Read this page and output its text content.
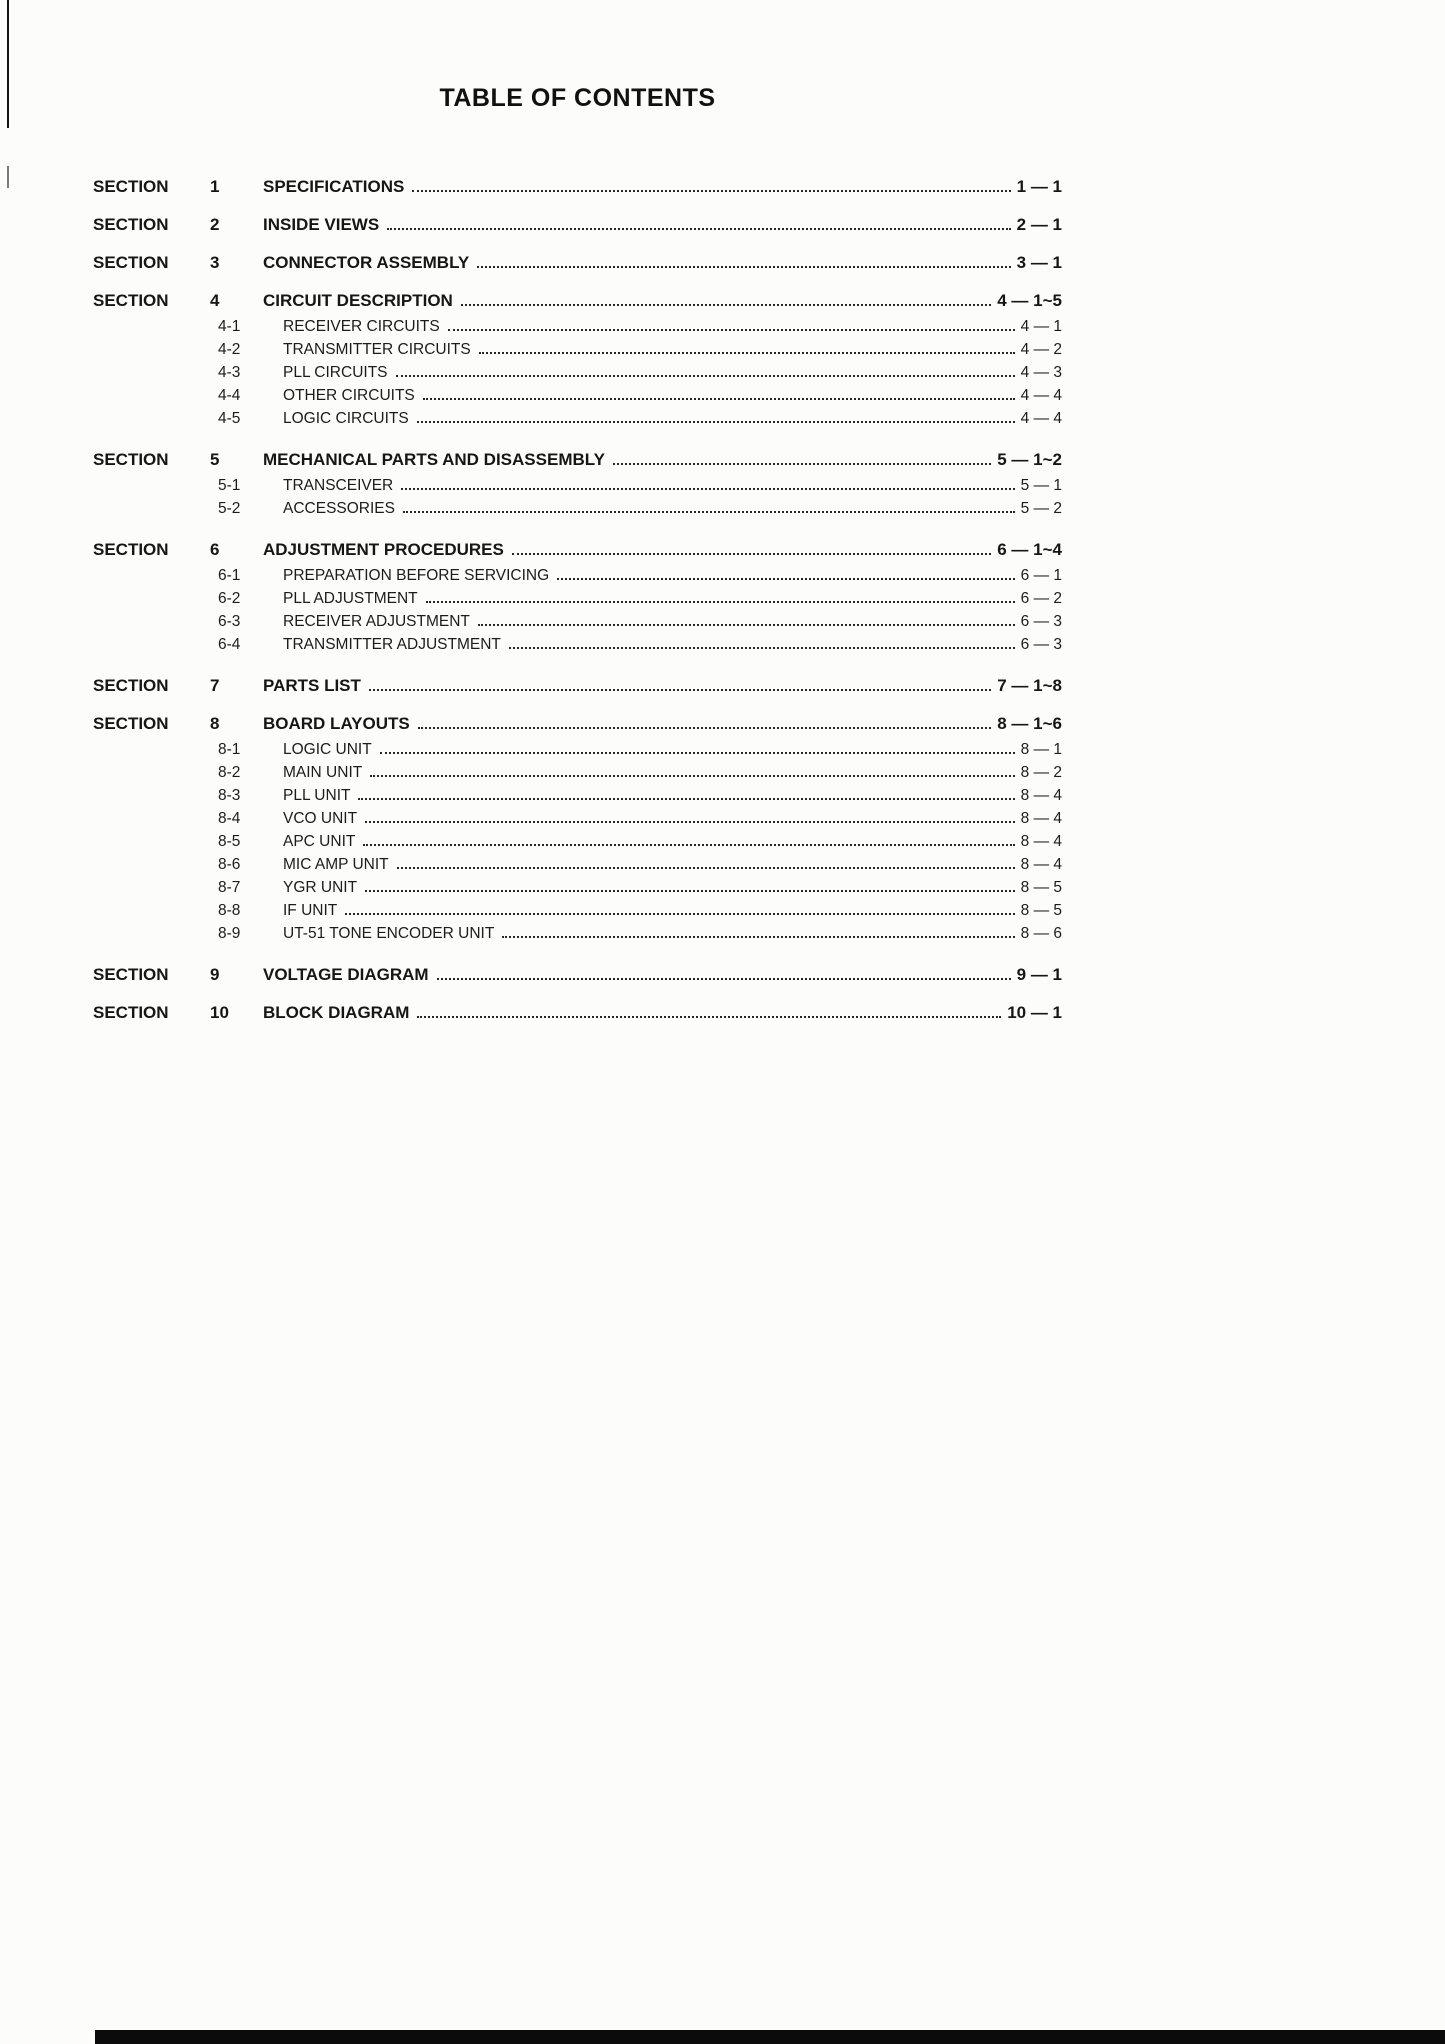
TABLE OF CONTENTS
SECTION	1	SPECIFICATIONS	1 — 1
SECTION	2	INSIDE VIEWS	2 — 1
SECTION	3	CONNECTOR ASSEMBLY	3 — 1
SECTION	4	CIRCUIT DESCRIPTION	4 — 1~5
4-1	RECEIVER CIRCUITS	4 — 1
4-2	TRANSMITTER CIRCUITS	4 — 2
4-3	PLL CIRCUITS	4 — 3
4-4	OTHER CIRCUITS	4 — 4
4-5	LOGIC CIRCUITS	4 — 4
SECTION	5	MECHANICAL PARTS AND DISASSEMBLY	5 — 1~2
5-1	TRANSCEIVER	5 — 1
5-2	ACCESSORIES	5 — 2
SECTION	6	ADJUSTMENT PROCEDURES	6 — 1~4
6-1	PREPARATION BEFORE SERVICING	6 — 1
6-2	PLL ADJUSTMENT	6 — 2
6-3	RECEIVER ADJUSTMENT	6 — 3
6-4	TRANSMITTER ADJUSTMENT	6 — 3
SECTION	7	PARTS LIST	7 — 1~8
SECTION	8	BOARD LAYOUTS	8 — 1~6
8-1	LOGIC UNIT	8 — 1
8-2	MAIN UNIT	8 — 2
8-3	PLL UNIT	8 — 4
8-4	VCO UNIT	8 — 4
8-5	APC UNIT	8 — 4
8-6	MIC AMP UNIT	8 — 4
8-7	YGR UNIT	8 — 5
8-8	IF UNIT	8 — 5
8-9	UT-51 TONE ENCODER UNIT	8 — 6
SECTION	9	VOLTAGE DIAGRAM	9 — 1
SECTION	10	BLOCK DIAGRAM	10 — 1
